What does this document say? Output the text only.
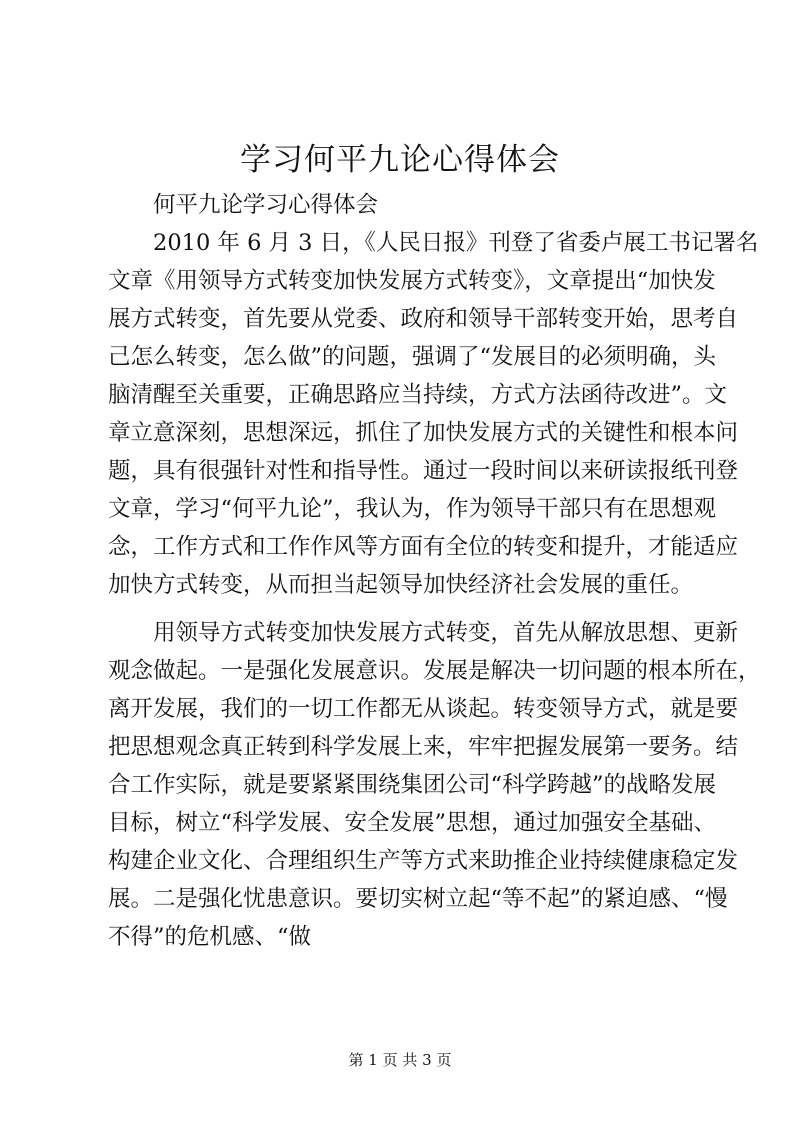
学习何平九论心得体会
何平九论学习心得体会
2010 年 6 月 3 日，《人民日报》刊登了省委卢展工书记署名
文章《用领导方式转变加快发展方式转变》，文章提出“加快发
展方式转变，首先要从党委、政府和领导干部转变开始，思考自
己怎么转变，怎么做”的问题，强调了“发展目的必须明确，头
脑清醒至关重要，正确思路应当持续，方式方法函待改进”。文
章立意深刻，思想深远，抓住了加快发展方式的关键性和根本问
题，具有很强针对性和指导性。通过一段时间以来研读报纸刊登
文章，学习“何平九论”，我认为，作为领导干部只有在思想观
念，工作方式和工作作风等方面有全位的转变和提升，才能适应
加快方式转变，从而担当起领导加快经济社会发展的重任。
用领导方式转变加快发展方式转变，首先从解放思想、更新
观念做起。一是强化发展意识。发展是解决一切问题的根本所在，
离开发展，我们的一切工作都无从谈起。转变领导方式，就是要
把思想观念真正转到科学发展上来，牢牢把握发展第一要务。结
合工作实际，就是要紧紧围绕集团公司“科学跨越”的战略发展
目标，树立“科学发展、安全发展”思想，通过加强安全基础、
构建企业文化、合理组织生产等方式来助推企业持续健康稳定发
展。二是强化忧患意识。要切实树立起“等不起”的紧迫感、“慢
不得”的危机感、“做
第 1 页 共 3 页
